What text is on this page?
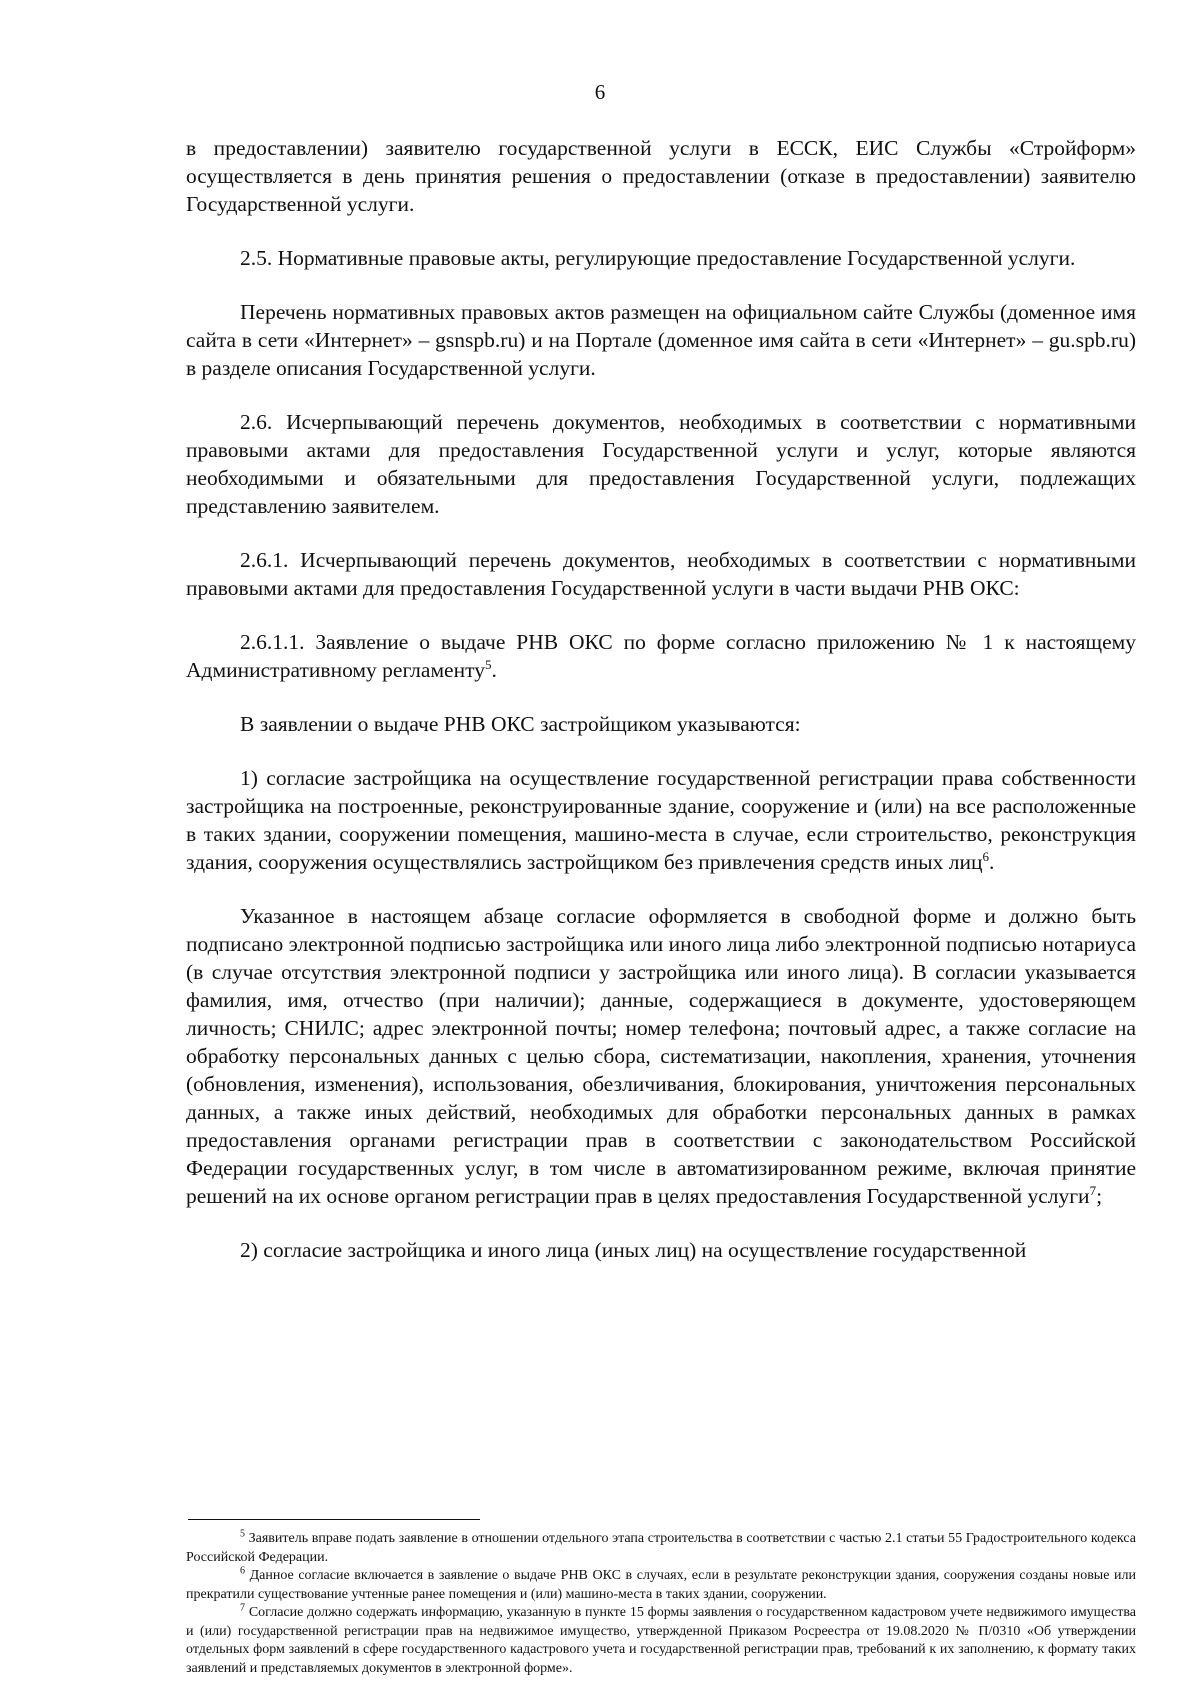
6

в предоставлении) заявителю государственной услуги в ЕССК, ЕИС Службы «Стройформ» осуществляется в день принятия решения о предоставлении (отказе в предоставлении) заявителю Государственной услуги.

2.5. Нормативные правовые акты, регулирующие предоставление Государственной услуги.

Перечень нормативных правовых актов размещен на официальном сайте Службы (доменное имя сайта в сети «Интернет» – gsnspb.ru) и на Портале (доменное имя сайта в сети «Интернет» – gu.spb.ru) в разделе описания Государственной услуги.

2.6. Исчерпывающий перечень документов, необходимых в соответствии с нормативными правовыми актами для предоставления Государственной услуги и услуг, которые являются необходимыми и обязательными для предоставления Государственной услуги, подлежащих представлению заявителем.

2.6.1. Исчерпывающий перечень документов, необходимых в соответствии с нормативными правовыми актами для предоставления Государственной услуги в части выдачи РНВ ОКС:

2.6.1.1. Заявление о выдаче РНВ ОКС по форме согласно приложению № 1 к настоящему Административному регламенту$^5$.

В заявлении о выдаче РНВ ОКС застройщиком указываются:

1) согласие застройщика на осуществление государственной регистрации права собственности застройщика на построенные, реконструированные здание, сооружение и (или) на все расположенные в таких здании, сооружении помещения, машино-места в случае, если строительство, реконструкция здания, сооружения осуществлялись застройщиком без привлечения средств иных лиц$^6$.

Указанное в настоящем абзаце согласие оформляется в свободной форме и должно быть подписано электронной подписью застройщика или иного лица либо электронной подписью нотариуса (в случае отсутствия электронной подписи у застройщика или иного лица). В согласии указывается фамилия, имя, отчество (при наличии); данные, содержащиеся в документе, удостоверяющем личность; СНИЛС; адрес электронной почты; номер телефона; почтовый адрес, а также согласие на обработку персональных данных с целью сбора, систематизации, накопления, хранения, уточнения (обновления, изменения), использования, обезличивания, блокирования, уничтожения персональных данных, а также иных действий, необходимых для обработки персональных данных в рамках предоставления органами регистрации прав в соответствии с законодательством Российской Федерации государственных услуг, в том числе в автоматизированном режиме, включая принятие решений на их основе органом регистрации прав в целях предоставления Государственной услуги$^7$;

2) согласие застройщика и иного лица (иных лиц) на осуществление государственной

$^5$ Заявитель вправе подать заявление в отношении отдельного этапа строительства в соответствии с частью 2.1 статьи 55 Градостроительного кодекса Российской Федерации.

$^6$ Данное согласие включается в заявление о выдаче РНВ ОКС в случаях, если в результате реконструкции здания, сооружения созданы новые или прекратили существование учтенные ранее помещения и (или) машино-места в таких здании, сооружении.

$^7$ Согласие должно содержать информацию, указанную в пункте 15 формы заявления о государственном кадастровом учете недвижимого имущества и (или) государственной регистрации прав на недвижимое имущество, утвержденной Приказом Росреестра от 19.08.2020 № П/0310 «Об утверждении отдельных форм заявлений в сфере государственного кадастрового учета и государственной регистрации прав, требований к их заполнению, к формату таких заявлений и представляемых документов в электронной форме».
